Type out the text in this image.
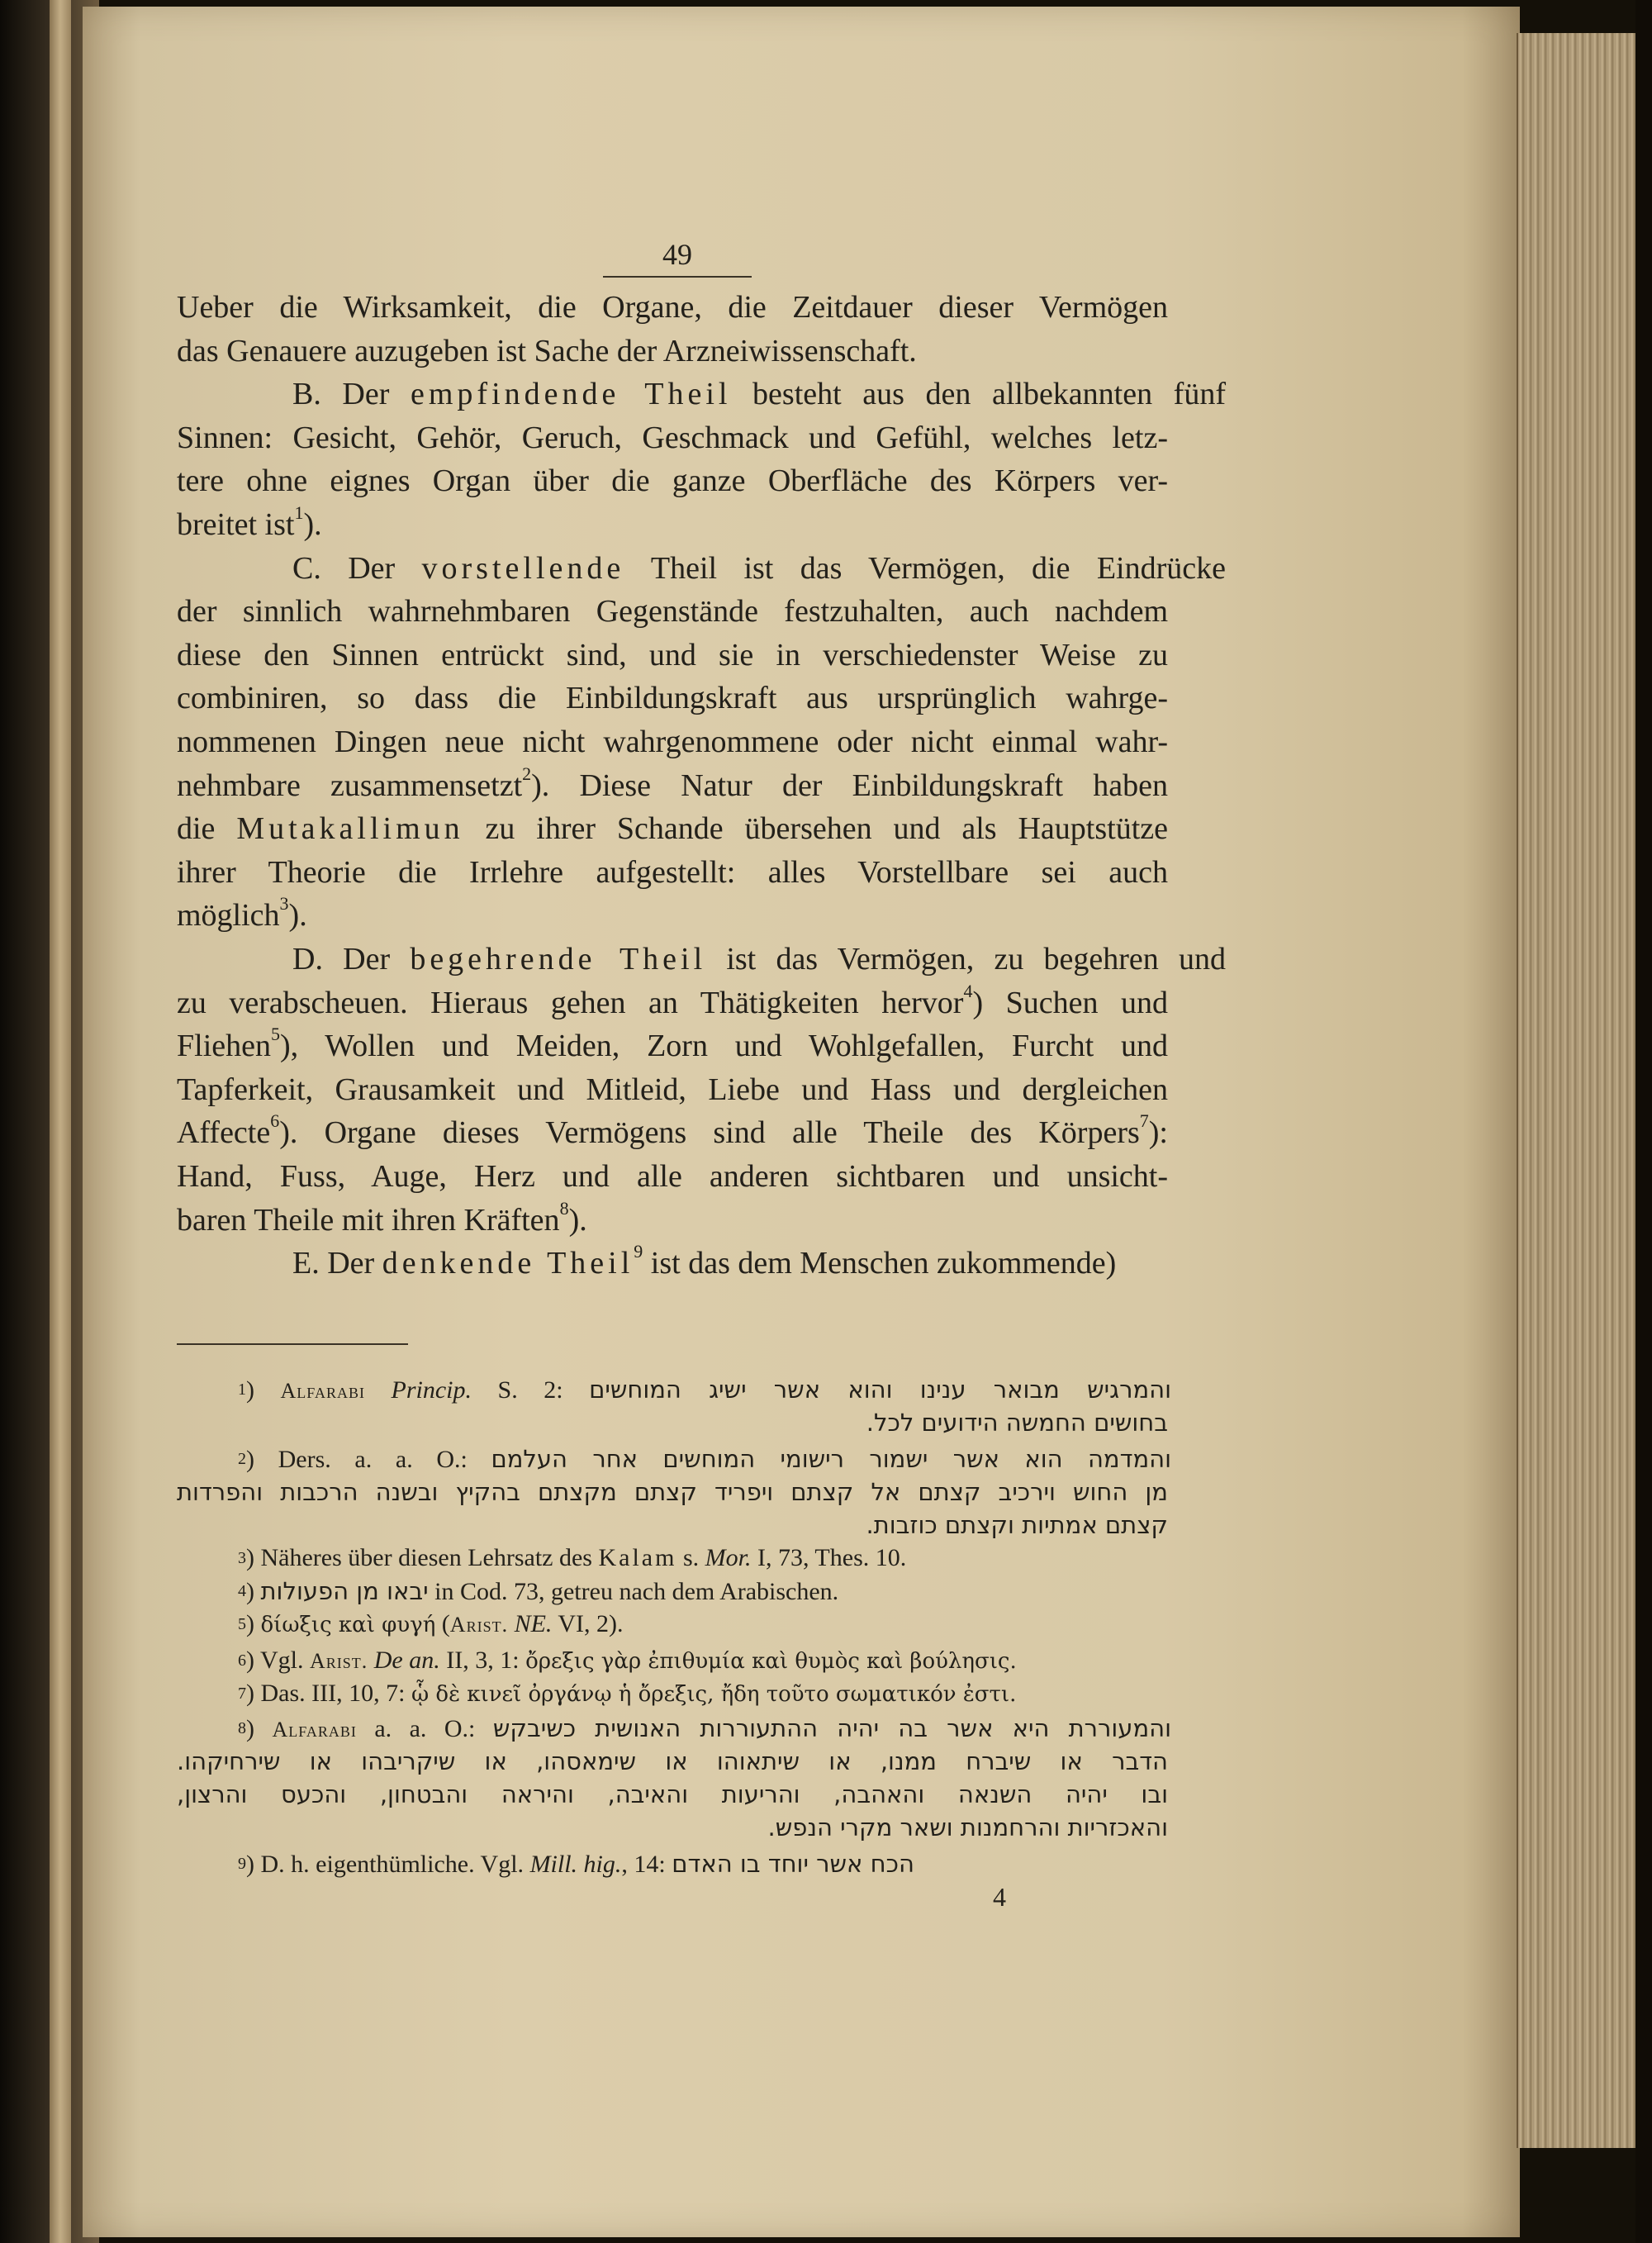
49
Ueber die Wirksamkeit, die Organe, die Zeitdauer dieser Vermögen
das Genauere auzugeben ist Sache der Arzneiwissenschaft.
B. Der empfindende Theil besteht aus den allbekannten fünf
Sinnen: Gesicht, Gehör, Geruch, Geschmack und Gefühl, welches letz-
tere ohne eignes Organ über die ganze Oberfläche des Körpers ver-
breitet ist$^1$).
C. Der vorstellende Theil ist das Vermögen, die Eindrücke
der sinnlich wahrnehmbaren Gegenstände festzuhalten, auch nachdem
diese den Sinnen entrückt sind, und sie in verschiedenster Weise zu
combiniren, so dass die Einbildungskraft aus ursprünglich wahrge-
nommenen Dingen neue nicht wahrgenommene oder nicht einmal wahr-
nehmbare zusammensetzt$^2$). Diese Natur der Einbildungskraft haben
die Mutakallimun zu ihrer Schande übersehen und als Hauptstütze
ihrer Theorie die Irrlehre aufgestellt: alles Vorstellbare sei auch
möglich$^3$).
D. Der begehrende Theil ist das Vermögen, zu begehren und
zu verabscheuen. Hieraus gehen an Thätigkeiten hervor$^4$) Suchen und
Fliehen$^5$), Wollen und Meiden, Zorn und Wohlgefallen, Furcht und
Tapferkeit, Grausamkeit und Mitleid, Liebe und Hass und dergleichen
Affecte$^6$). Organe dieses Vermögens sind alle Theile des Körpers$^7$):
Hand, Fuss, Auge, Herz und alle anderen sichtbaren und unsicht-
baren Theile mit ihren Kräften$^8$).
E. Der denkende Theil$^9$ ist das dem Menschen zukommende)
$^1$) Alfarabi Princip. S. 2: והמרגיש מבואר ענינו והוא אשר ישיג המוחשים
בחושים החמשה הידועים לכל.
$^2$) Ders. a. a. O.: והמדמה הוא אשר ישמור רישומי המוחשים אחר העלמם
מן החוש וירכיב קצתם אל קצתם ויפריד קצתם מקצתם בהקיץ ובשנה הרכבות והפרדות
קצתם אמתיות וקצתם כוזבות.
$^3$) Näheres über diesen Lehrsatz des Kalam s. Mor. I, 73, Thes. 10.
$^4$) יבאו מן הפעולות in Cod. 73, getreu nach dem Arabischen.
$^5$) δίωξις καὶ φυγή (Arist. NE. VI, 2).
$^6$) Vgl. Arist. De an. II, 3, 1: ὄρεξις γὰρ ἐπιθυμία καὶ θυμὸς καὶ βούλησις.
$^7$) Das. III, 10, 7: ᾧ δὲ κινεῖ ὀργάνῳ ἡ ὄρεξις, ἤδη τοῦτο σωματικόν ἐστι.
$^8$) Alfarabi a. a. O.: והמעוררת היא אשר בה יהיה ההתעוררות האנושית כשיבקש
הדבר או שיברח ממנו, או שיתאוהו או שימאסהו, או שיקריבהו או שירחיקהו.
ובו יהיה השנאה והאהבה, והריעות והאיבה, והיראה והבטחון, והכעס והרצון,
והאכזריות והרחמנות ושאר מקרי הנפש.
$^9$) D. h. eigenthümliche. Vgl. Mill. hig., 14: הכח אשר יוחד בו האדם
4
